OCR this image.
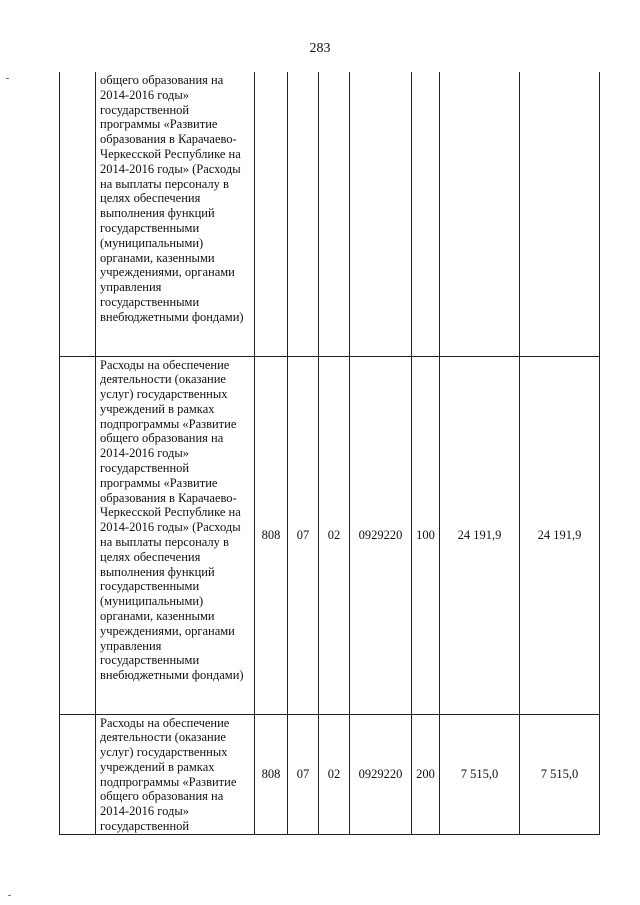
283
	общего образования на 2014-2016 годы» государственной программы «Развитие образования в Карачаево-Черкесской Республике на 2014-2016 годы» (Расходы на выплаты персоналу в целях обеспечения выполнения функций государственными (муниципальными) органами, казенными учреждениями, органами управления государственными внебюджетными фондами)							
	Расходы на обеспечение деятельности (оказание услуг) государственных учреждений в рамках подпрограммы «Развитие общего образования на 2014-2016 годы» государственной программы «Развитие образования в Карачаево-Черкесской Республике на 2014-2016 годы» (Расходы на выплаты персоналу в целях обеспечения выполнения функций государственными (муниципальными) органами, казенными учреждениями, органами управления государственными внебюджетными фондами)	808	07	02	0929220	100	24 191,9	24 191,9
	Расходы на обеспечение деятельности (оказание услуг) государственных учреждений в рамках подпрограммы «Развитие общего образования на 2014-2016 годы» государственной	808	07	02	0929220	200	7 515,0	7 515,0
